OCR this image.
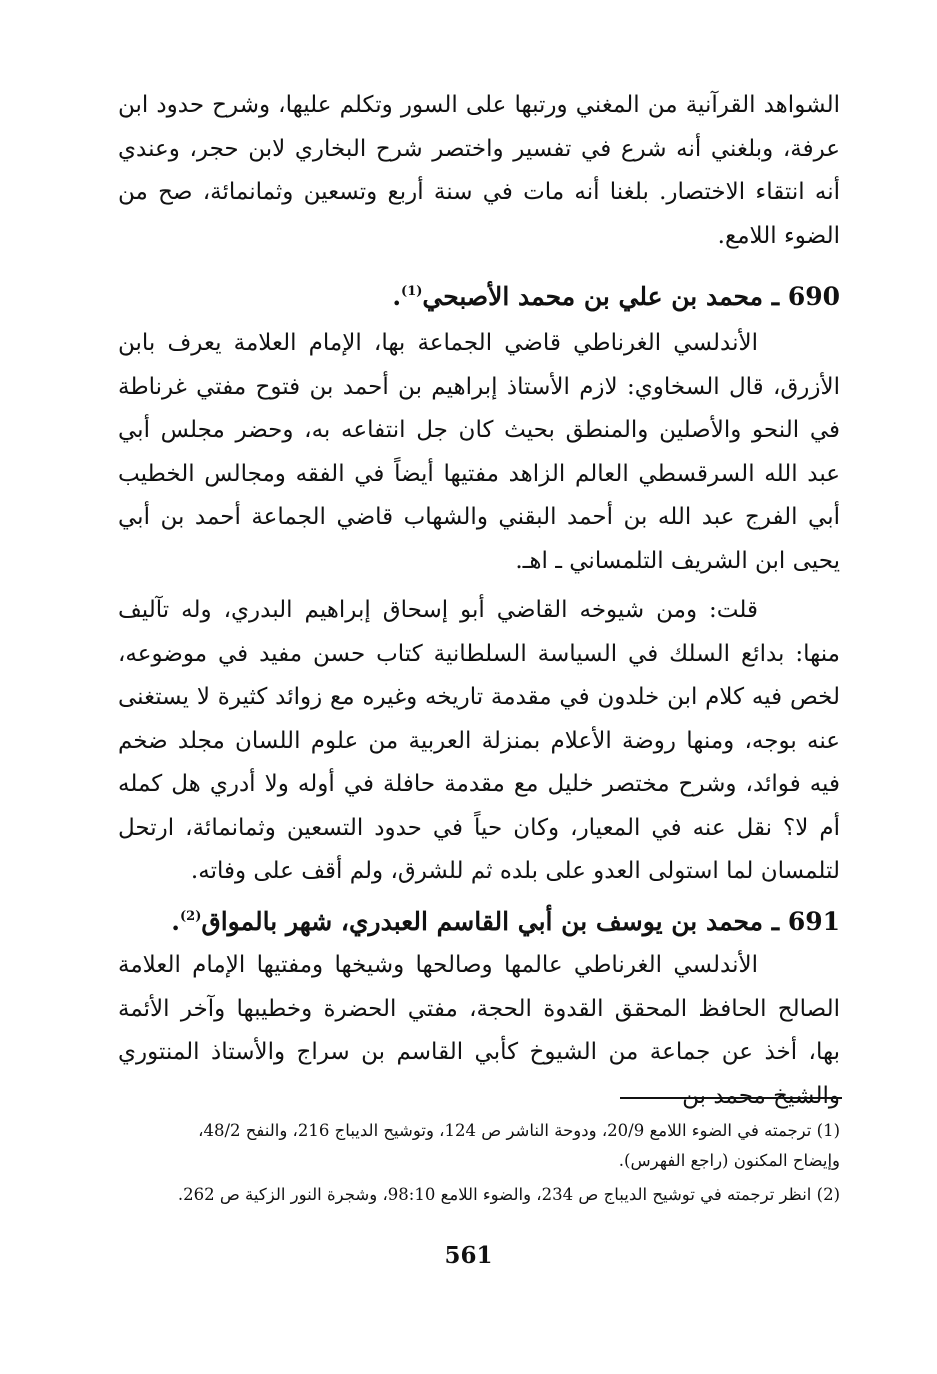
الشواهد القرآنية من المغني ورتبها على السور وتكلم عليها، وشرح حدود ابن عرفة، وبلغني أنه شرع في تفسير واختصر شرح البخاري لابن حجر، وعندي أنه انتقاء الاختصار. بلغنا أنه مات في سنة أربع وتسعين وثمانمائة، صح من الضوء اللامع.

690 ـ محمد بن علي بن محمد الأصبحي$^{(1)}$.

الأندلسي الغرناطي قاضي الجماعة بها، الإمام العلامة يعرف بابن الأزرق، قال السخاوي: لازم الأستاذ إبراهيم بن أحمد بن فتوح مفتي غرناطة في النحو والأصلين والمنطق بحيث كان جل انتفاعه به، وحضر مجلس أبي عبد الله السرقسطي العالم الزاهد مفتيها أيضاً في الفقه ومجالس الخطيب أبي الفرج عبد الله بن أحمد البقني والشهاب قاضي الجماعة أحمد بن أبي يحيى ابن الشريف التلمساني ـ اهـ.

قلت: ومن شيوخه القاضي أبو إسحاق إبراهيم البدري، وله تآليف منها: بدائع السلك في السياسة السلطانية كتاب حسن مفيد في موضوعه، لخص فيه كلام ابن خلدون في مقدمة تاريخه وغيره مع زوائد كثيرة لا يستغنى عنه بوجه، ومنها روضة الأعلام بمنزلة العربية من علوم اللسان مجلد ضخم فيه فوائد، وشرح مختصر خليل مع مقدمة حافلة في أوله ولا أدري هل كمله أم لا؟ نقل عنه في المعيار، وكان حياً في حدود التسعين وثمانمائة، ارتحل لتلمسان لما استولى العدو على بلده ثم للشرق، ولم أقف على وفاته.

691 ـ محمد بن يوسف بن أبي القاسم العبدري، شهر بالمواق$^{(2)}$.

الأندلسي الغرناطي عالمها وصالحها وشيخها ومفتيها الإمام العلامة الصالح الحافظ المحقق القدوة الحجة، مفتي الحضرة وخطيبها وآخر الأئمة بها، أخذ عن جماعة من الشيوخ كأبي القاسم بن سراج والأستاذ المنتوري والشيخ محمد بن

(1) ترجمته في الضوء اللامع 20/9، ودوحة الناشر ص 124، وتوشيح الديباج 216، والنفح 48/2،

وإيضاح المكنون (راجع الفهرس).

(2) انظر ترجمته في توشيح الديباج ص 234، والضوء اللامع 98:10، وشجرة النور الزكية ص 262.

561
